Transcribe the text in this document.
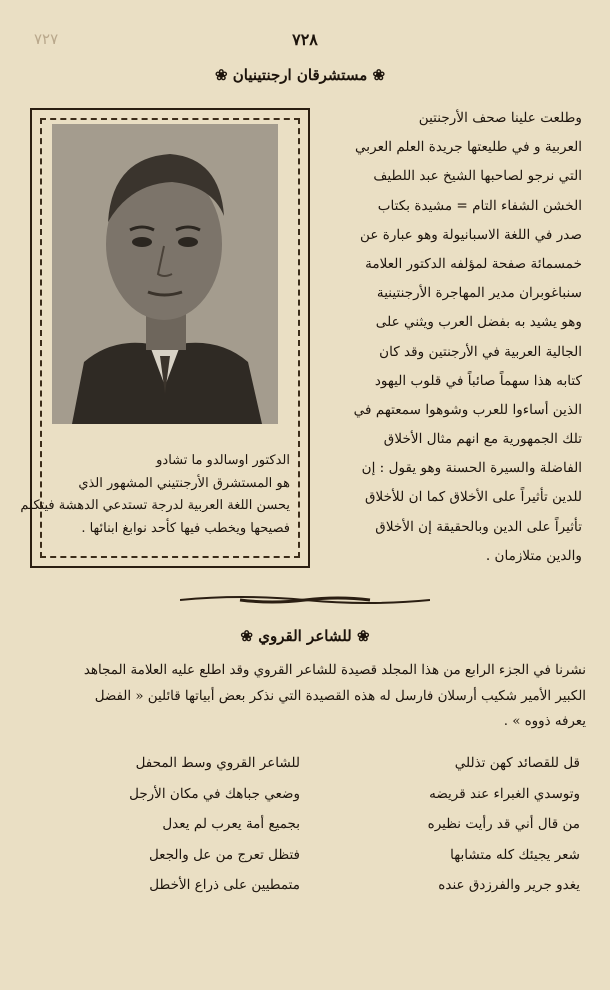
٧٢٧	٧٢٨
❀ مستشرقان ارجنتينيان ❀
وطلعت علينا صحف الأرجنتين
العربية و في طليعتها جريدة العلم العربي
التي نرجو لصاحبها الشيخ عبد اللطيف
الخشن الشفاء التام = مشيدة بكتاب
صدر في اللغة الاسبانيولة وهو عبارة عن
خمسمائة صفحة لمؤلفه الدكتور العلامة
سنباغوبران مدير المهاجرة الأرجنتينية
وهو يشيد به بفضل العرب ويثني على
الجالية العربية في الأرجنتين وقد كان
كتابه هذا سهماً صائباً في قلوب اليهود
الذين أساءوا للعرب وشوهوا سمعتهم في
تلك الجمهورية مع انهم مثال الأخلاق
الفاضلة والسيرة الحسنة وهو يقول : إن
للدين تأثيراً على الأخلاق كما ان للأخلاق
تأثيراً على الدين وبالحقيقة إن الأخلاق
والدين متلازمان .
الدكتور اوسالدو ما تشادو
هو المستشرق الأرجنتيني المشهور الذي
يحسن اللغة العربية لدرجة تستدعي الدهشة فيتكلم
فصيحها ويخطب فيها كأحد نوابغ ابنائها .
❀ للشاعر القروي ❀
نشرنا في الجزء الرابع من هذا المجلد قصيدة للشاعر القروي وقد اطلع عليه العلامة المجاهد
الكبير الأمير شكيب أرسلان فارسل له هذه القصيدة التي نذكر بعض أبياتها قائلين « الفضل
يعرفه ذووه » .
قل للقصائد كهن تذللي
وتوسدي الغبراء عند قريضه
من قال أني قد رأيت نظيره
شعر يجيئك كله متشابها
يغدو جرير والفرزدق عنده
للشاعر القروي وسط المحفل
وضعي جباهك في مكان الأرجل
بجميع أمة يعرب لم يعدل
فتظل تعرج من عل والجعل
متمطيين على ذراع الأخطل
